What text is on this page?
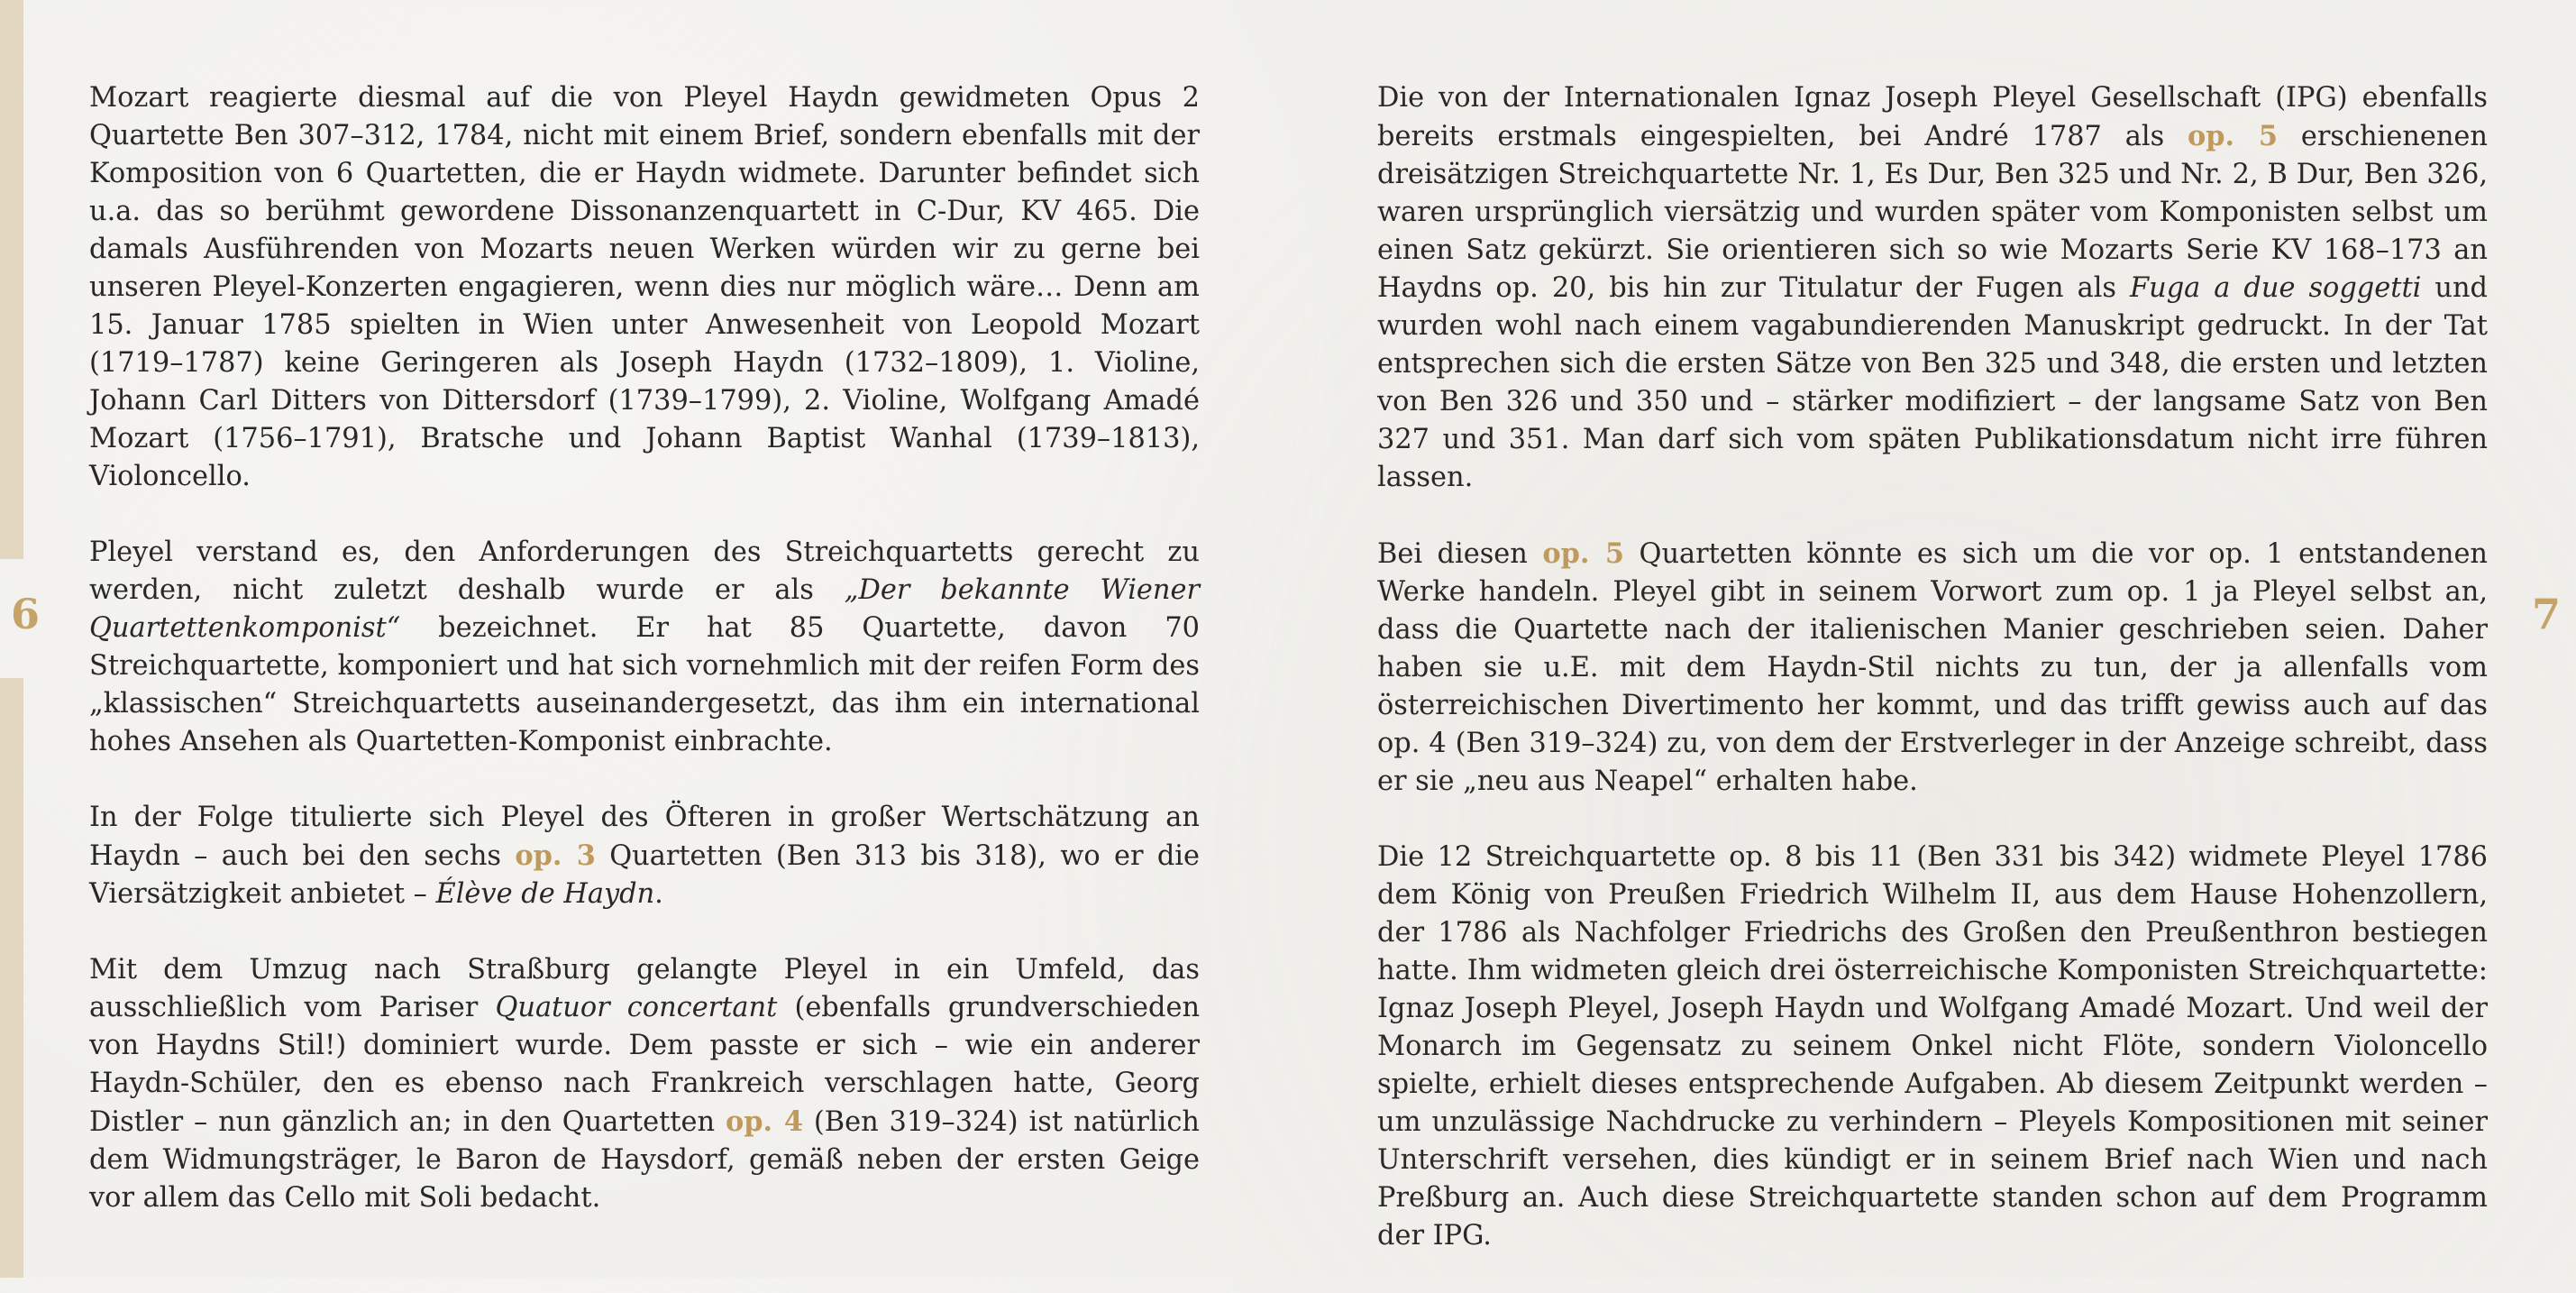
6

Mozart reagierte diesmal auf die von Pleyel Haydn gewidmeten Opus 2 Quartette Ben 307–312, 1784, nicht mit einem Brief, sondern ebenfalls mit der Komposition von 6 Quartetten, die er Haydn widmete. Darunter befindet sich u.a. das so berühmt gewordene Dissonanzenquartett in C-Dur, KV 465. Die damals Ausführenden von Mozarts neuen Werken würden wir zu gerne bei unseren Pleyel-Konzerten engagieren, wenn dies nur möglich wäre… Denn am 15. Januar 1785 spielten in Wien unter Anwesenheit von Leopold Mozart (1719–1787) keine Geringeren als Joseph Haydn (1732–1809), 1. Violine, Johann Carl Ditters von Dittersdorf (1739–1799), 2. Violine, Wolfgang Amadé Mozart (1756–1791), Bratsche und Johann Baptist Wanhal (1739–1813), Violoncello.

Pleyel verstand es, den Anforderungen des Streichquartetts gerecht zu werden, nicht zuletzt deshalb wurde er als „Der bekannte Wiener Quartettenkomponist“ bezeichnet. Er hat 85 Quartette, davon 70 Streichquartette, komponiert und hat sich vornehmlich mit der reifen Form des „klassischen“ Streichquartetts auseinandergesetzt, das ihm ein international hohes Ansehen als Quartetten-Komponist einbrachte.

In der Folge titulierte sich Pleyel des Öfteren in großer Wertschätzung an Haydn – auch bei den sechs op. 3 Quartetten (Ben 313 bis 318), wo er die Viersätzigkeit anbietet – Élève de Haydn.

Mit dem Umzug nach Straßburg gelangte Pleyel in ein Umfeld, das ausschließlich vom Pariser Quatuor concertant (ebenfalls grundverschieden von Haydns Stil!) dominiert wurde. Dem passte er sich – wie ein anderer Haydn-Schüler, den es ebenso nach Frankreich verschlagen hatte, Georg Distler – nun gänzlich an; in den Quartetten op. 4 (Ben 319–324) ist natürlich dem Widmungsträger, le Baron de Haysdorf, gemäß neben der ersten Geige vor allem das Cello mit Soli bedacht.

Die von der Internationalen Ignaz Joseph Pleyel Gesellschaft (IPG) ebenfalls bereits erstmals eingespielten, bei André 1787 als op. 5 erschienenen dreisätzigen Streichquartette Nr. 1, Es Dur, Ben 325 und Nr. 2, B Dur, Ben 326, waren ursprünglich viersätzig und wurden später vom Komponisten selbst um einen Satz gekürzt. Sie orientieren sich so wie Mozarts Serie KV 168–173 an Haydns op. 20, bis hin zur Titulatur der Fugen als Fuga a due soggetti und wurden wohl nach einem vagabundierenden Manuskript gedruckt. In der Tat entsprechen sich die ersten Sätze von Ben 325 und 348, die ersten und letzten von Ben 326 und 350 und – stärker modifiziert – der langsame Satz von Ben 327 und 351. Man darf sich vom späten Publikationsdatum nicht irre führen lassen.

Bei diesen op. 5 Quartetten könnte es sich um die vor op. 1 entstandenen Werke handeln. Pleyel gibt in seinem Vorwort zum op. 1 ja Pleyel selbst an, dass die Quartette nach der italienischen Manier geschrieben seien. Daher haben sie u.E. mit dem Haydn-Stil nichts zu tun, der ja allenfalls vom österreichischen Divertimento her kommt, und das trifft gewiss auch auf das op. 4 (Ben 319–324) zu, von dem der Erstverleger in der Anzeige schreibt, dass er sie „neu aus Neapel“ erhalten habe.

Die 12 Streichquartette op. 8 bis 11 (Ben 331 bis 342) widmete Pleyel 1786 dem König von Preußen Friedrich Wilhelm II, aus dem Hause Hohenzollern, der 1786 als Nachfolger Friedrichs des Großen den Preußenthron bestiegen hatte. Ihm widmeten gleich drei österreichische Komponisten Streichquartette: Ignaz Joseph Pleyel, Joseph Haydn und Wolfgang Amadé Mozart. Und weil der Monarch im Gegensatz zu seinem Onkel nicht Flöte, sondern Violoncello spielte, erhielt dieses entsprechende Aufgaben. Ab diesem Zeitpunkt werden – um unzulässige Nachdrucke zu verhindern – Pleyels Kompositionen mit seiner Unterschrift versehen, dies kündigt er in seinem Brief nach Wien und nach Preßburg an. Auch diese Streichquartette standen schon auf dem Programm der IPG.

7
